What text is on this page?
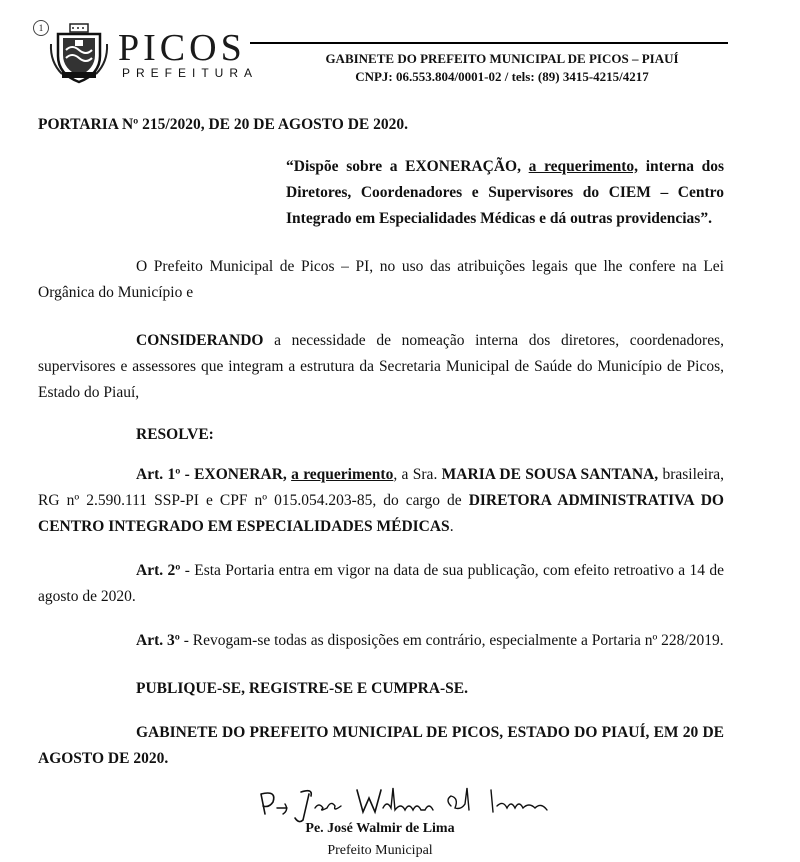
1 PICOS
PREFEITURA
GABINETE DO PREFEITO MUNICIPAL DE PICOS – PIAUÍ
CNPJ: 06.553.804/0001-02 / tels: (89) 3415-4215/4217
PORTARIA Nº 215/2020, DE 20 DE AGOSTO DE 2020.
“Dispõe sobre a EXONERAÇÃO, a requerimento, interna dos Diretores, Coordenadores e Supervisores do CIEM – Centro Integrado em Especialidades Médicas e dá outras providencias”.

O Prefeito Municipal de Picos – PI, no uso das atribuições legais que lhe confere na Lei Orgânica do Município e

CONSIDERANDO a necessidade de nomeação interna dos diretores, coordenadores, supervisores e assessores que integram a estrutura da Secretaria Municipal de Saúde do Município de Picos, Estado do Piauí,

RESOLVE:

Art. 1º - EXONERAR, a requerimento, a Sra. MARIA DE SOUSA SANTANA, brasileira, RG nº 2.590.111 SSP-PI e CPF nº 015.054.203-85, do cargo de DIRETORA ADMINISTRATIVA DO CENTRO INTEGRADO EM ESPECIALIDADES MÉDICAS.

Art. 2º - Esta Portaria entra em vigor na data de sua publicação, com efeito retroativo a 14 de agosto de 2020.

Art. 3º - Revogam-se todas as disposições em contrário, especialmente a Portaria nº 228/2019.

PUBLIQUE-SE, REGISTRE-SE E CUMPRA-SE.

GABINETE DO PREFEITO MUNICIPAL DE PICOS, ESTADO DO PIAUÍ, EM 20 DE AGOSTO DE 2020.

Pe. José Walmir de Lima
Prefeito Municipal
